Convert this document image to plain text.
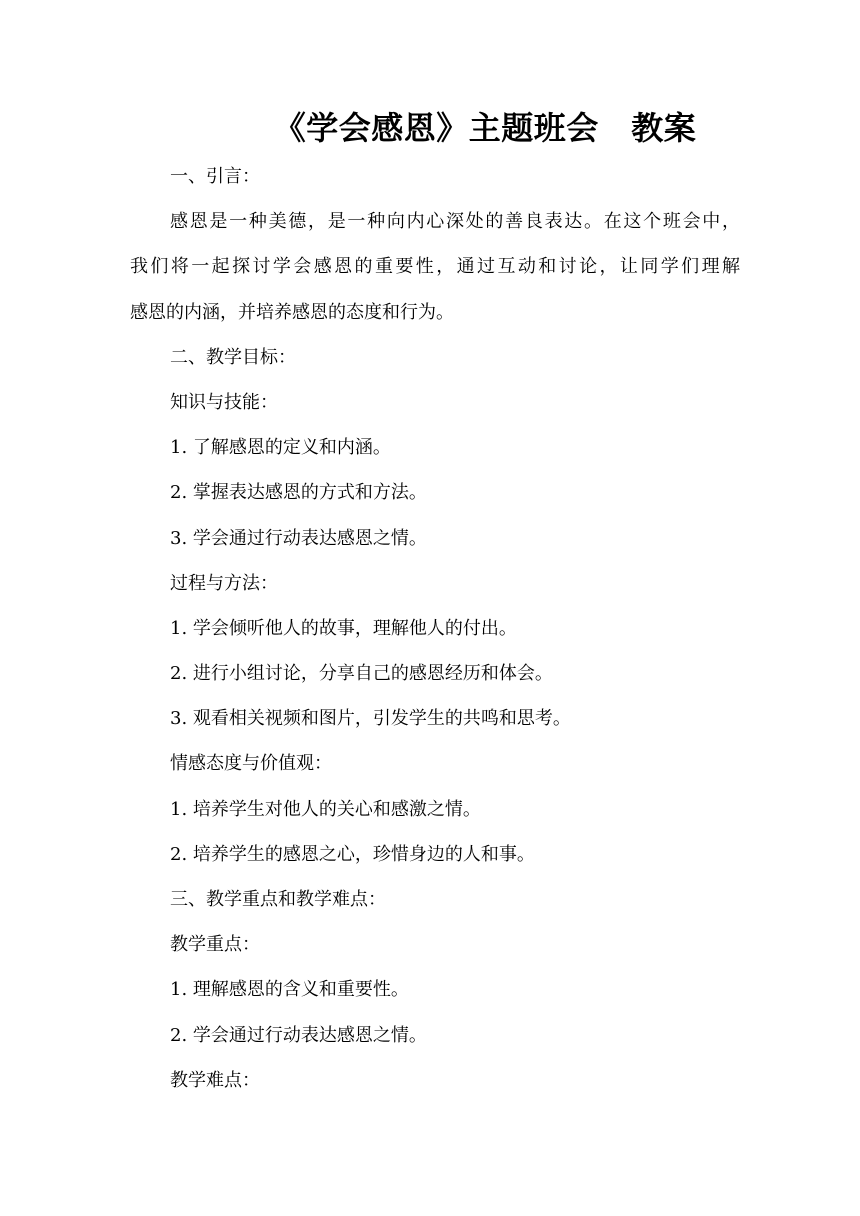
《学会感恩》主题班会　教案
一、引言：
感恩是一种美德，是一种向内心深处的善良表达。在这个班会中，
我们将一起探讨学会感恩的重要性，通过互动和讨论，让同学们理解
感恩的内涵，并培养感恩的态度和行为。
二、教学目标：
知识与技能：
1. 了解感恩的定义和内涵。
2. 掌握表达感恩的方式和方法。
3. 学会通过行动表达感恩之情。
过程与方法：
1. 学会倾听他人的故事，理解他人的付出。
2. 进行小组讨论，分享自己的感恩经历和体会。
3. 观看相关视频和图片，引发学生的共鸣和思考。
情感态度与价值观：
1. 培养学生对他人的关心和感激之情。
2. 培养学生的感恩之心，珍惜身边的人和事。
三、教学重点和教学难点：
教学重点：
1. 理解感恩的含义和重要性。
2. 学会通过行动表达感恩之情。
教学难点：
